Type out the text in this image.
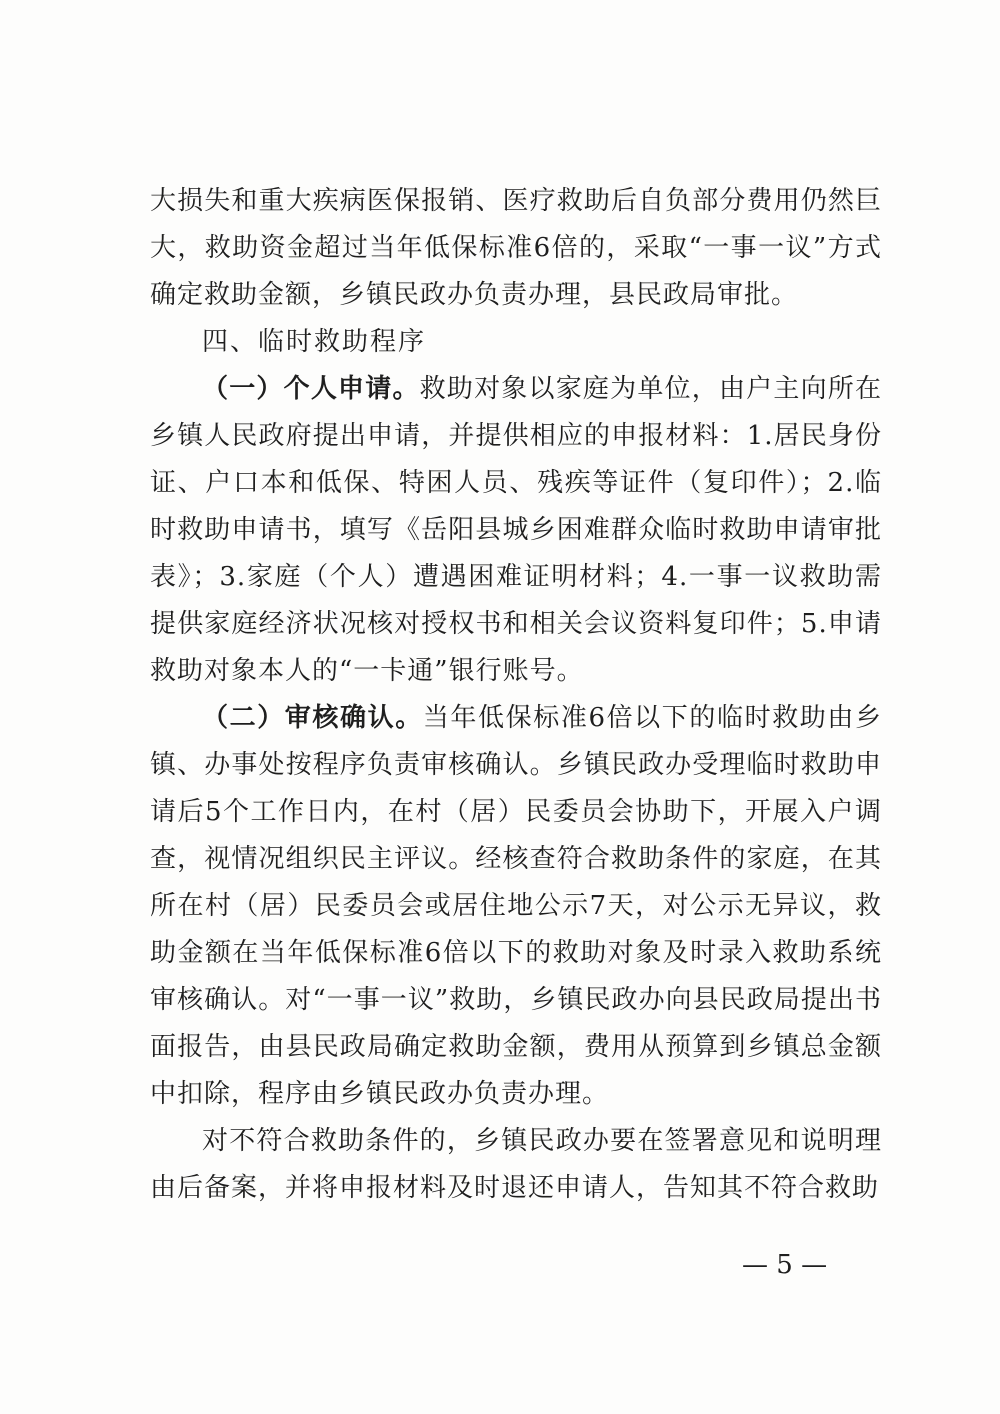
大损失和重大疾病医保报销、医疗救助后自负部分费用仍然巨大，救助资金超过当年低保标准6倍的，采取“一事一议”方式确定救助金额，乡镇民政办负责办理，县民政局审批。

四、临时救助程序

（一）个人申请。救助对象以家庭为单位，由户主向所在乡镇人民政府提出申请，并提供相应的申报材料：1.居民身份证、户口本和低保、特困人员、残疾等证件（复印件）；2.临时救助申请书，填写《岳阳县城乡困难群众临时救助申请审批表》；3.家庭（个人）遭遇困难证明材料；4.一事一议救助需提供家庭经济状况核对授权书和相关会议资料复印件；5.申请救助对象本人的“一卡通”银行账号。

（二）审核确认。当年低保标准6倍以下的临时救助由乡镇、办事处按程序负责审核确认。乡镇民政办受理临时救助申请后5个工作日内，在村（居）民委员会协助下，开展入户调查，视情况组织民主评议。经核查符合救助条件的家庭，在其所在村（居）民委员会或居住地公示7天，对公示无异议，救助金额在当年低保标准6倍以下的救助对象及时录入救助系统审核确认。对“一事一议”救助，乡镇民政办向县民政局提出书面报告，由县民政局确定救助金额，费用从预算到乡镇总金额中扣除，程序由乡镇民政办负责办理。

对不符合救助条件的，乡镇民政办要在签署意见和说明理由后备案，并将申报材料及时退还申请人，告知其不符合救助

— 5 —
